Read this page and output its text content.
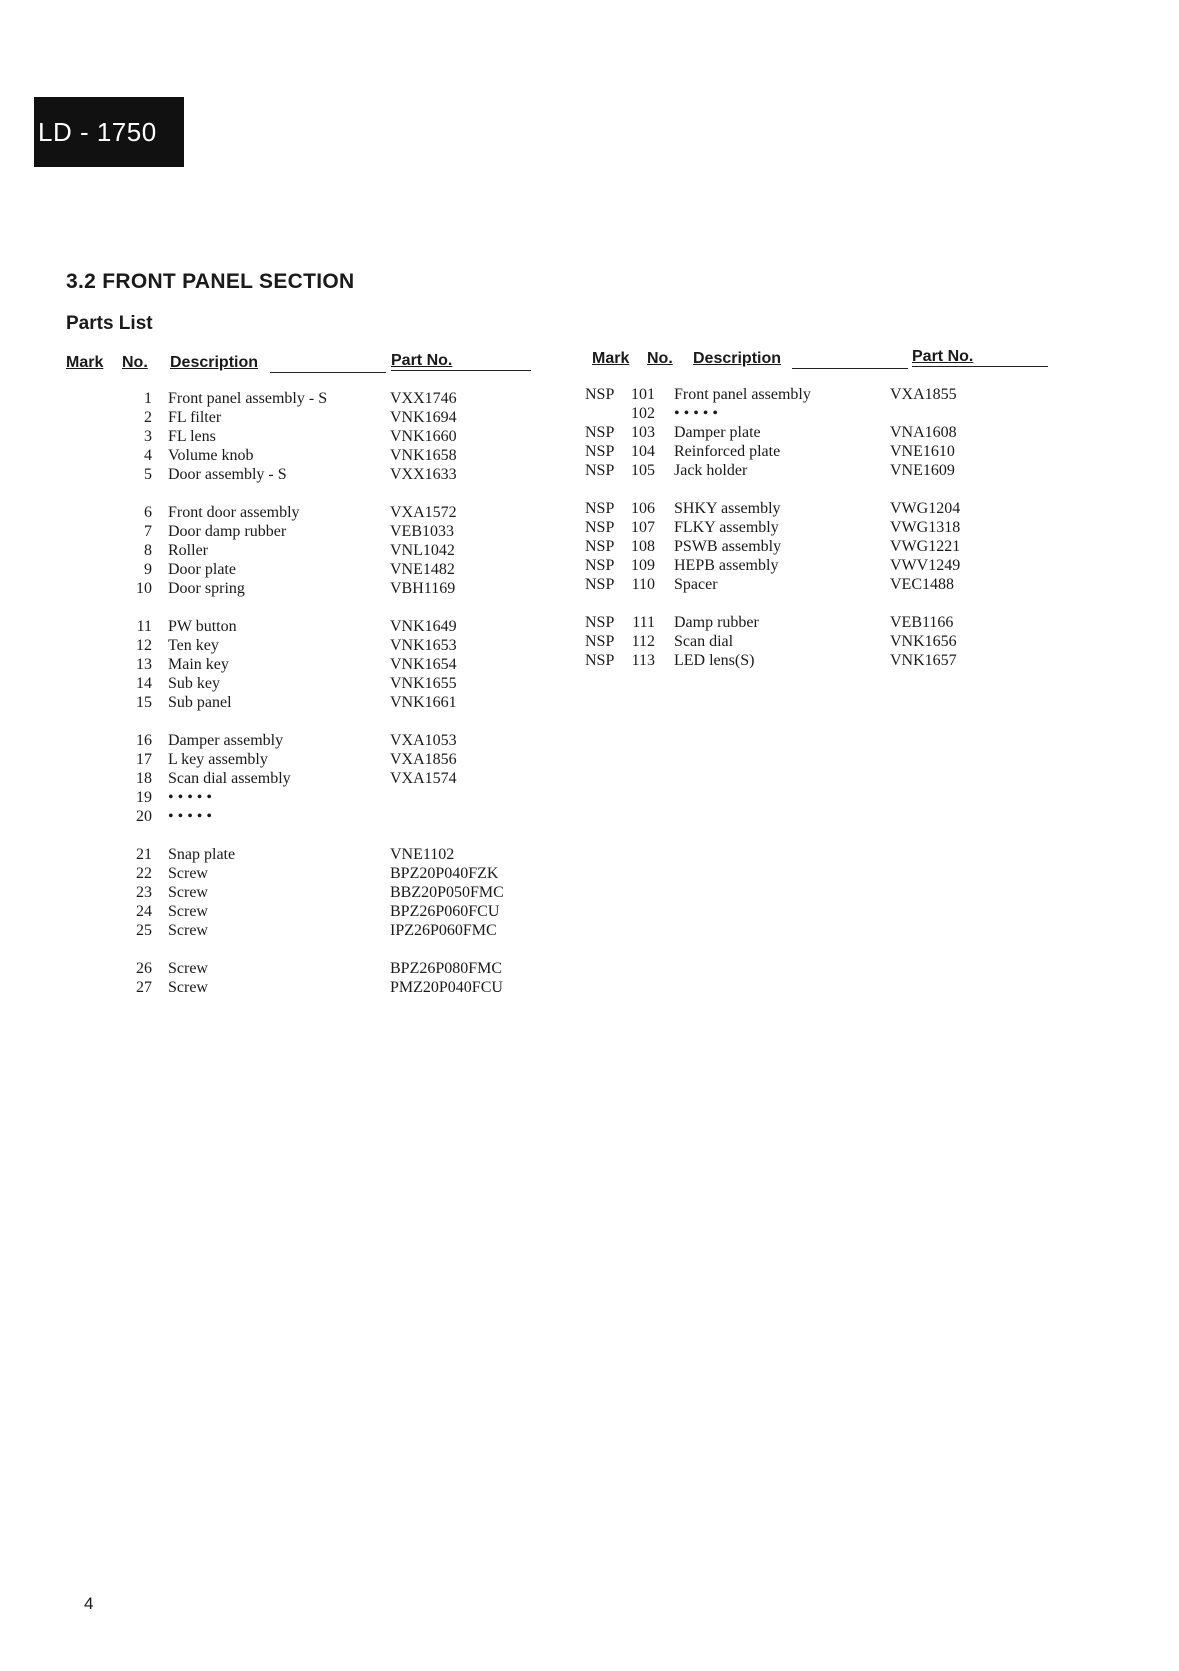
LD - 1750
3.2 FRONT PANEL SECTION
Parts List
Mark No. Description	Part No.	Mark No. Description	Part No.
1 Front panel assembly - S	VXX1746
2 FL filter	VNK1694
3 FL lens	VNK1660
4 Volume knob	VNK1658
5 Door assembly - S	VXX1633
6 Front door assembly	VXA1572
7 Door damp rubber	VEB1033
8 Roller	VNL1042
9 Door plate	VNE1482
10 Door spring	VBH1169
11 PW button	VNK1649
12 Ten key	VNK1653
13 Main key	VNK1654
14 Sub key	VNK1655
15 Sub panel	VNK1661
16 Damper assembly	VXA1053
17 L key assembly	VXA1856
18 Scan dial assembly	VXA1574
19 • • • • •
20 • • • • •
21 Snap plate	VNE1102
22 Screw	BPZ20P040FZK
23 Screw	BBZ20P050FMC
24 Screw	BPZ26P060FCU
25 Screw	IPZ26P060FMC
26 Screw	BPZ26P080FMC
27 Screw	PMZ20P040FCU
NSP	101 Front panel assembly	VXA1855
102 • • • • •
NSP	103 Damper plate	VNA1608
NSP	104 Reinforced plate	VNE1610
NSP	105 Jack holder	VNE1609
NSP	106 SHKY assembly	VWG1204
NSP	107 FLKY assembly	VWG1318
NSP	108 PSWB assembly	VWG1221
NSP	109 HEPB assembly	VWV1249
NSP	110 Spacer	VEC1488
NSP	111 Damp rubber	VEB1166
NSP	112 Scan dial	VNK1656
NSP	113 LED lens(S)	VNK1657
4
